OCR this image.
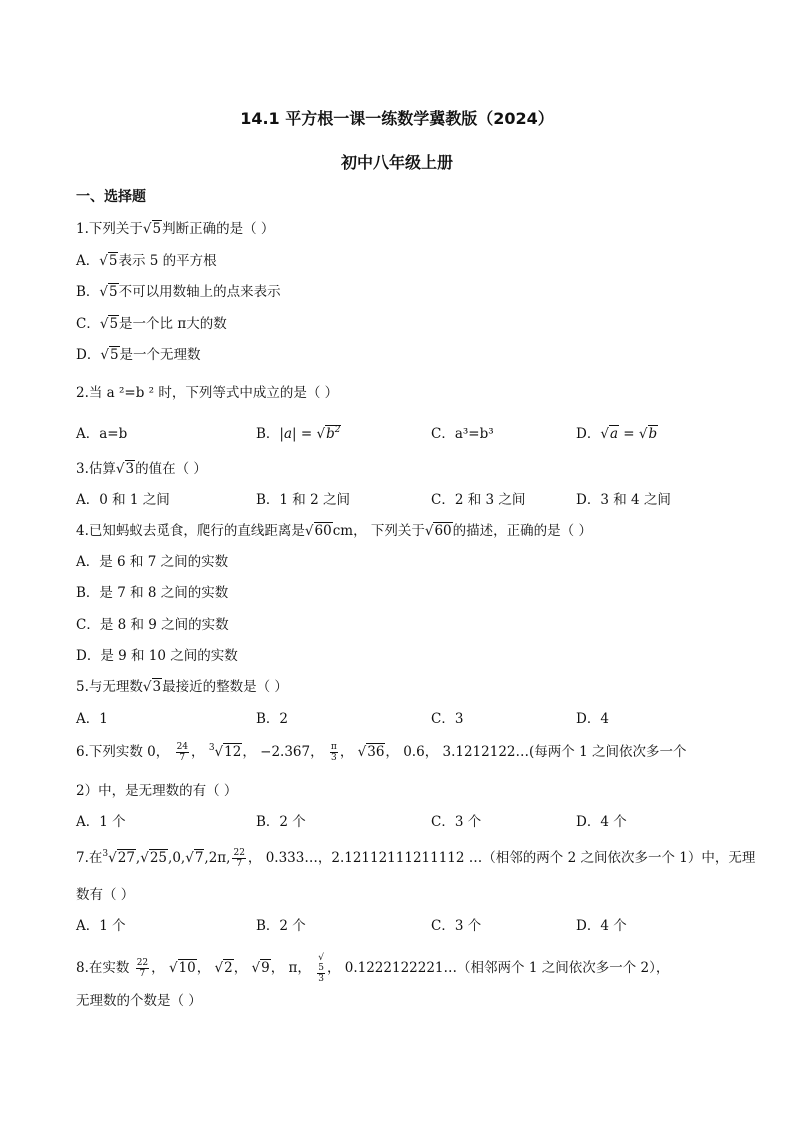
14.1 平方根一课一练数学冀教版（2024）
初中八年级上册
一、选择题
1.下列关于√5判断正确的是（ ）
A．√5表示 5 的平方根
B．√5不可以用数轴上的点来表示
C．√5是一个比 π大的数
D．√5是一个无理数
2.当 a ²=b ² 时，下列等式中成立的是（ ）
A．a=b	B．$|a| = √b^2$	C．a³=b³	D．√a = √b
3.估算√3的值在（ ）
A．0 和 1 之间	B．1 和 2 之间	C．2 和 3 之间	D．3 和 4 之间
4.已知蚂蚁去觅食，爬行的直线距离是√60cm， 下列关于√60的描述，正确的是（ ）
A．是 6 和 7 之间的实数
B．是 7 和 8 之间的实数
C．是 8 和 9 之间的实数
D．是 9 和 10 之间的实数
5.与无理数√3最接近的整数是（ ）
A．1	B．2	C．3	D．4
6.下列实数 0， $\frac{24}{7}$ ， $^3$√12， −2.367， $\frac{\pi}{3}$ ， √36， 0.6， 3.1212122…(每两个 1 之间依次多一个
2）中，是无理数的有（ ）
A．1 个	B．2 个	C．3 个	D．4 个
7.在$^3$√27,√25,0,√7,2π, $\frac{22}{7}$ ， 0.333…，2.12112111211112 …（相邻的两个 2 之间依次多一个 1）中，无理
数有（ ）
A．1 个	B．2 个	C．3 个	D．4 个
8.在实数 $\frac{22}{7}$ ， √10， √2， √9， π， √
5
3 ， 0.1222122221…（相邻两个 1 之间依次多一个 2），
无理数的个数是（ ）
